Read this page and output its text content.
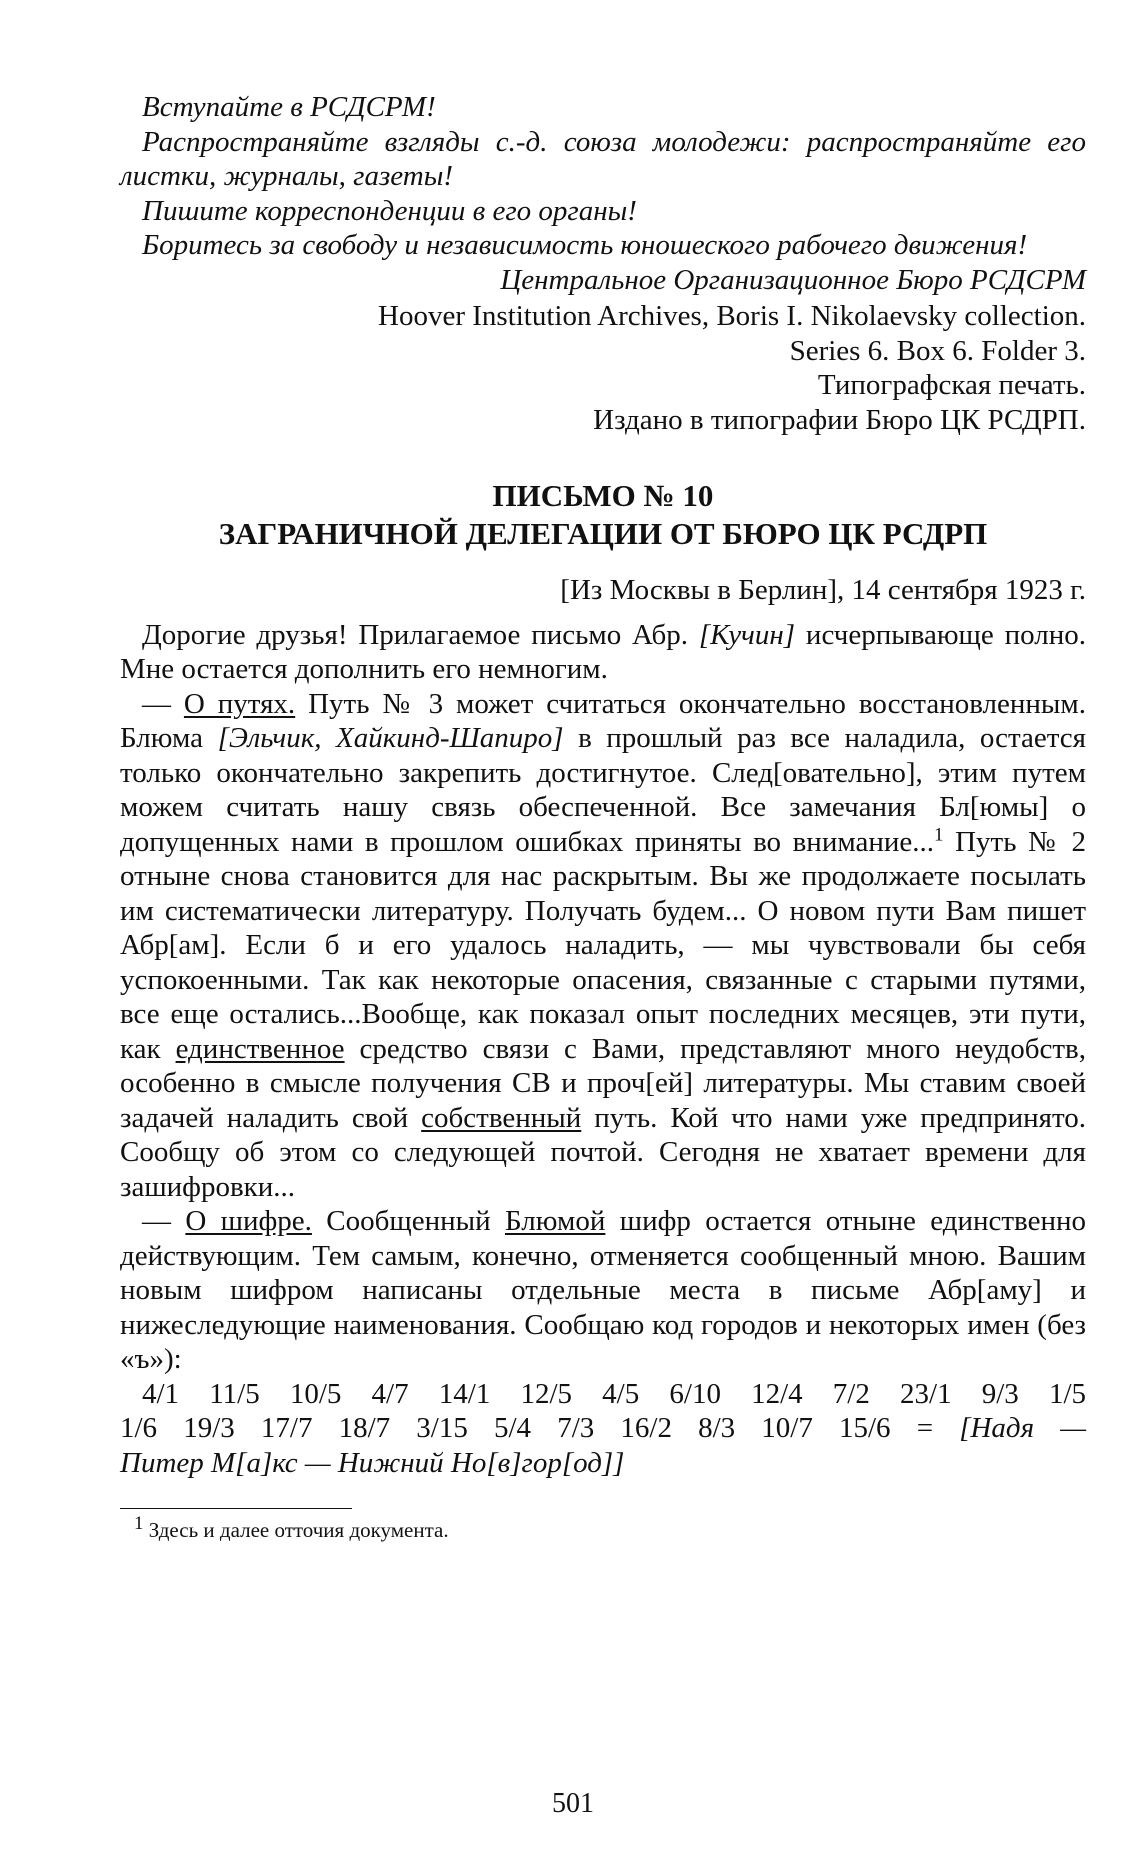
Вступайте в РСДСРМ!
Распространяйте взгляды с.-д. союза молодежи: распространяйте его листки, журналы, газеты!
Пишите корреспонденции в его органы!
Боритесь за свободу и независимость юношеского рабочего движения!
Центральное Организационное Бюро РСДСРМ
Hoover Institution Archives, Boris I. Nikolaevsky collection.
Series 6. Box 6. Folder 3.
Типографская печать.
Издано в типографии Бюро ЦК РСДРП.
ПИСЬМО № 10
ЗАГРАНИЧНОЙ ДЕЛЕГАЦИИ ОТ БЮРО ЦК РСДРП
[Из Москвы в Берлин], 14 сентября 1923 г.

Дорогие друзья! Прилагаемое письмо Абр. [Кучин] исчерпывающе полно. Мне остается дополнить его немногим.

— О путях. Путь № 3 может считаться окончательно восстановленным. Блюма [Эльчик, Хайкинд-Шапиро] в прошлый раз все наладила, остается только окончательно закрепить достигнутое. След[овательно], этим путем можем считать нашу связь обеспеченной. Все замечания Бл[юмы] о допущенных нами в прошлом ошибках приняты во внимание...$^1$ Путь № 2 отныне снова становится для нас раскрытым. Вы же продолжаете посылать им систематически литературу. Получать будем... О новом пути Вам пишет Абр[ам]. Если б и его удалось наладить, — мы чувствовали бы себя успокоенными. Так как некоторые опасения, связанные с старыми путями, все еще остались...Вообще, как показал опыт последних месяцев, эти пути, как единственное средство связи с Вами, представляют много неудобств, особенно в смысле получения СВ и проч[ей] литературы. Мы ставим своей задачей наладить свой собственный путь. Кой что нами уже предпринято. Сообщу об этом со следующей почтой. Сегодня не хватает времени для зашифровки...

— О шифре. Сообщенный Блюмой шифр остается отныне единственно действующим. Тем самым, конечно, отменяется сообщенный мною. Вашим новым шифром написаны отдельные места в письме Абр[аму] и нижеследующие наименования. Сообщаю код городов и некоторых имен (без «ъ»):

4/1 11/5 10/5 4/7 14/1 12/5 4/5 6/10 12/4 7/2 23/1 9/3 1/5
1/6 19/3 17/7 18/7 3/15 5/4 7/3 16/2 8/3 10/7 15/6 = [Надя —
Питер М[а]кс — Нижний Но[в]гор[од]]
$^1$ Здесь и далее отточия документа.
501
